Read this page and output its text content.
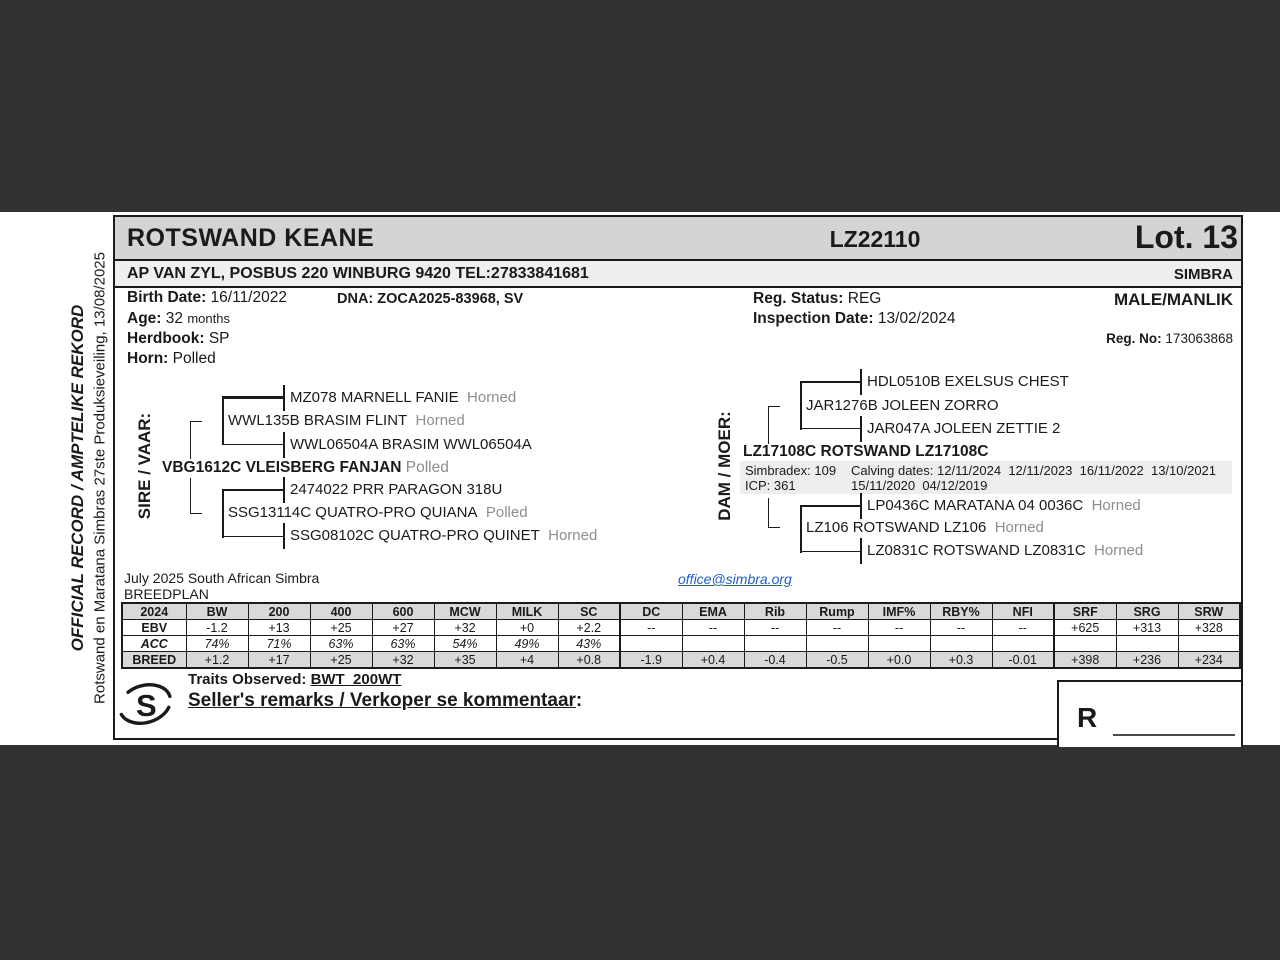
OFFICIAL RECORD / AMPTELIKE REKORD Rotswand en Maratana Simbras 27ste Produksieveiling, 13/08/2025
ROTSWAND KEANE	LZ22110	Lot. 13
AP VAN ZYL, POSBUS 220 WINBURG 9420 TEL:27833841681	SIMBRA
Birth Date: 16/11/2022	DNA: ZOCA2025-83968, SV
Age: 32 months
Herdbook: SP
Horn: Polled
Reg. Status: REG
Inspection Date: 13/02/2024
MALE/MANLIK
Reg. No: 173063868
SIRE / VAAR:	DAM / MOER:
MZ078 MARNELL FANIE Horned
WWL135B BRASIM FLINT Horned
WWL06504A BRASIM WWL06504A
VBG1612C VLEISBERG FANJAN Polled
2474022 PRR PARAGON 318U
SSG13114C QUATRO-PRO QUIANA Polled
SSG08102C QUATRO-PRO QUINET Horned
HDL0510B EXELSUS CHEST
JAR1276B JOLEEN ZORRO
JAR047A JOLEEN ZETTIE 2
LZ17108C ROTSWAND LZ17108C
LP0436C MARATANA 04 0036C Horned
LZ106 ROTSWAND LZ106 Horned
LZ0831C ROTSWAND LZ0831C Horned
Simbradex: 109
ICP: 361
Calving dates: 12/11/2024  12/11/2023  16/11/2022  13/10/2021
15/11/2020  04/12/2019
July 2025 South African Simbra
BREEDPLAN
office@simbra.org
2024	BW	200	400	600	MCW	MILK	SC	DC	EMA	Rib	Rump	IMF%	RBY%	NFI	SRF	SRG	SRW
EBV	-1.2	+13	+25	+27	+32	+0	+2.2	--	--	--	--	--	--	--	+625	+313	+328
ACC	74%	71%	63%	63%	54%	49%	43%										
BREED	+1.2	+17	+25	+32	+35	+4	+0.8	-1.9	+0.4	-0.4	-0.5	+0.0	+0.3	-0.01	+398	+236	+234
Traits Observed: BWT  200WT
Seller's remarks / Verkoper se kommentaar:
S	R
